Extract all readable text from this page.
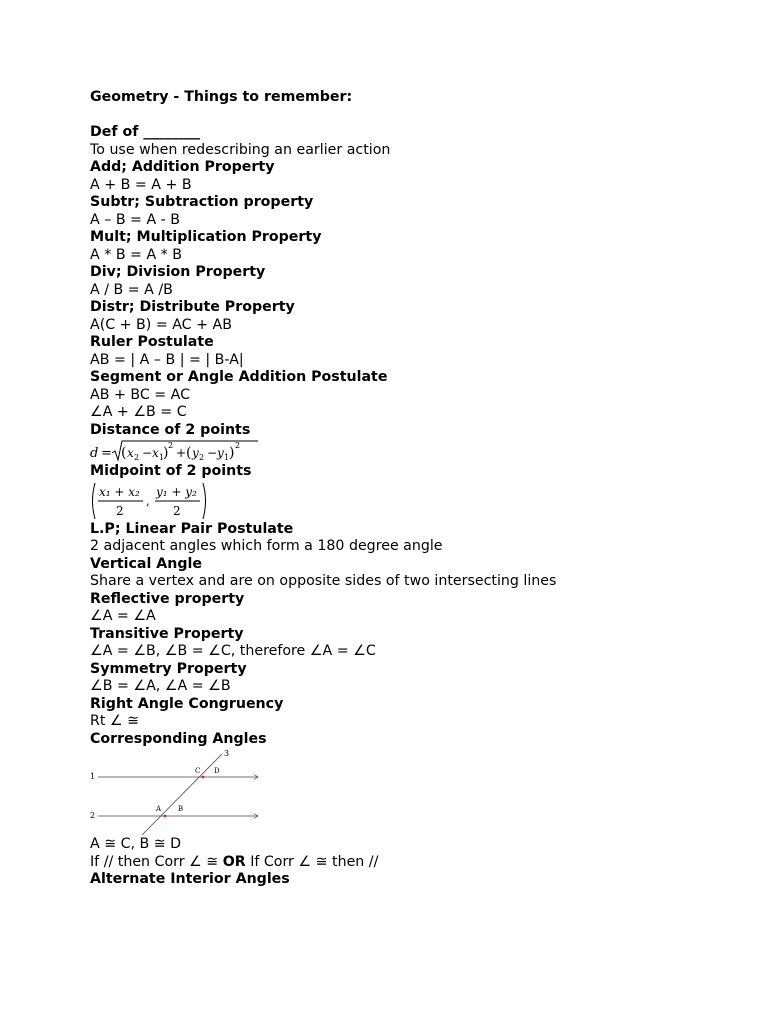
Geometry - Things to remember:
Def of ________
To use when redescribing an earlier action
Add; Addition Property
A + B = A + B
Subtr; Subtraction property
A – B = A - B
Mult; Multiplication Property
A * B = A * B
Div; Division Property
A / B = A /B
Distr; Distribute Property
A(C + B) = AC + AB
Ruler Postulate
AB = | A – B | = | B-A|
Segment or Angle Addition Postulate
AB + BC = AC
∠A + ∠B = C
Distance of 2 points
d = ( x 2 − x 1
) 2
+ ( y 2 − y 1 ) 2
Midpoint of 2 points
x₁ + x₂
2
,
y₁ + y₂
2
L.P; Linear Pair Postulate
2 adjacent angles which form a 180 degree angle
Vertical Angle
Share a vertex and are on opposite sides of two intersecting lines
Reflective property
∠A = ∠A
Transitive Property
∠A = ∠B, ∠B = ∠C, therefore ∠A = ∠C
Symmetry Property
∠B = ∠A, ∠A = ∠B
Right Angle Congruency
Rt ∠ ≅
Corresponding Angles
1
2
3
A B
C D
A ≅ C, B ≅ D
If // then Corr ∠ ≅ OR If Corr ∠ ≅ then //
Alternate Interior Angles
